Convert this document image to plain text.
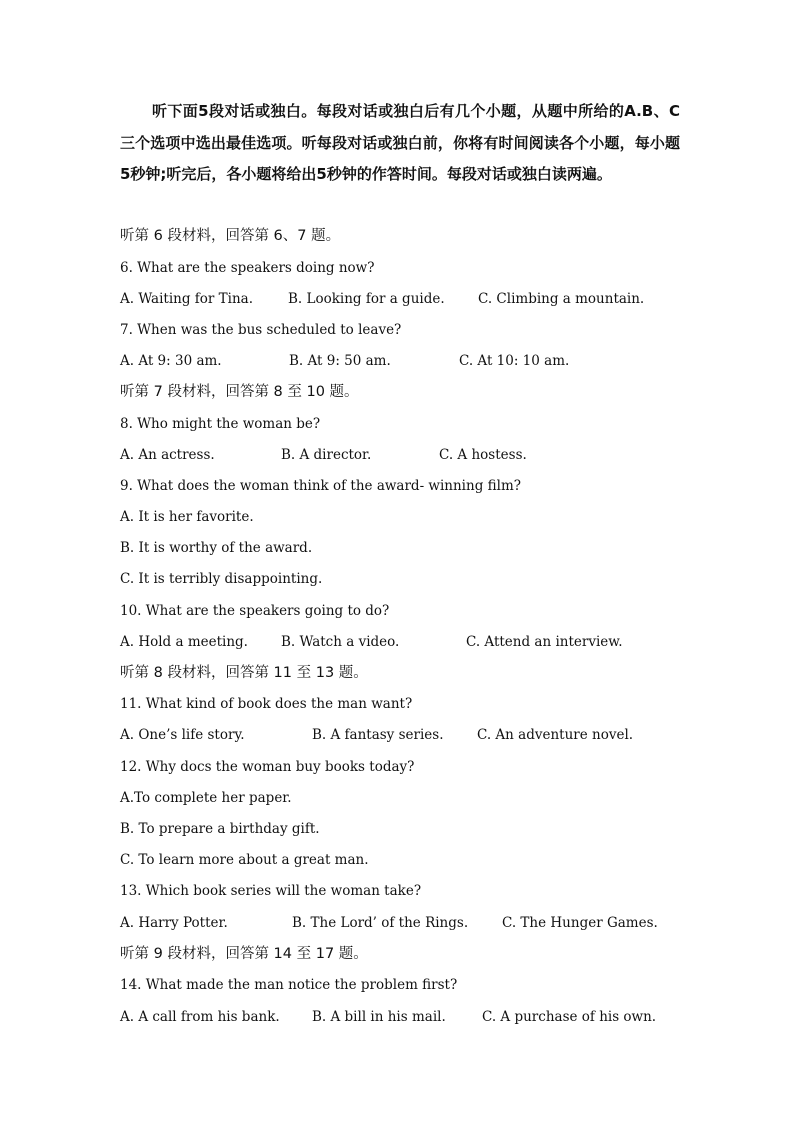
听下面5段对话或独白。每段对话或独白后有几个小题，从题中所给的A.B、C三个选项中选出最佳选项。听每段对话或独白前，你将有时间阅读各个小题，每小题5秒钟;听完后，各小题将给出5秒钟的作答时间。每段对话或独白读两遍。

听第 6 段材料，回答第 6、7 题。
6. What are the speakers doing now?
A. Waiting for Tina.	B. Looking for a guide. C. Climbing a mountain.
7. When was the bus scheduled to leave?
A. At 9: 30 am.	B. At 9: 50 am.	C. At 10: 10 am.
听第 7 段材料，回答第 8 至 10 题。
8. Who might the woman be?
A. An actress.	B. A director.	C. A hostess.
9. What does the woman think of the award- winning film?
A. It is her favorite.
B. It is worthy of the award.
C. It is terribly disappointing.
10. What are the speakers going to do?
A. Hold a meeting. B. Watch a video.	C. Attend an interview.
听第 8 段材料，回答第 11 至 13 题。
11. What kind of book does the man want?
A. One’s life story.	B. A fantasy series. C. An adventure novel.
12. Why docs the woman buy books today?
A.To complete her paper.
B. To prepare a birthday gift.
C. To learn more about a great man.
13. Which book series will the woman take?
A. Harry Potter.	B. The Lord’ of the Rings.	C. The Hunger Games.
听第 9 段材料，回答第 14 至 17 题。
14. What made the man notice the problem first?
A. A call from his bank. B. A bill in his mail.	C. A purchase of his own.
